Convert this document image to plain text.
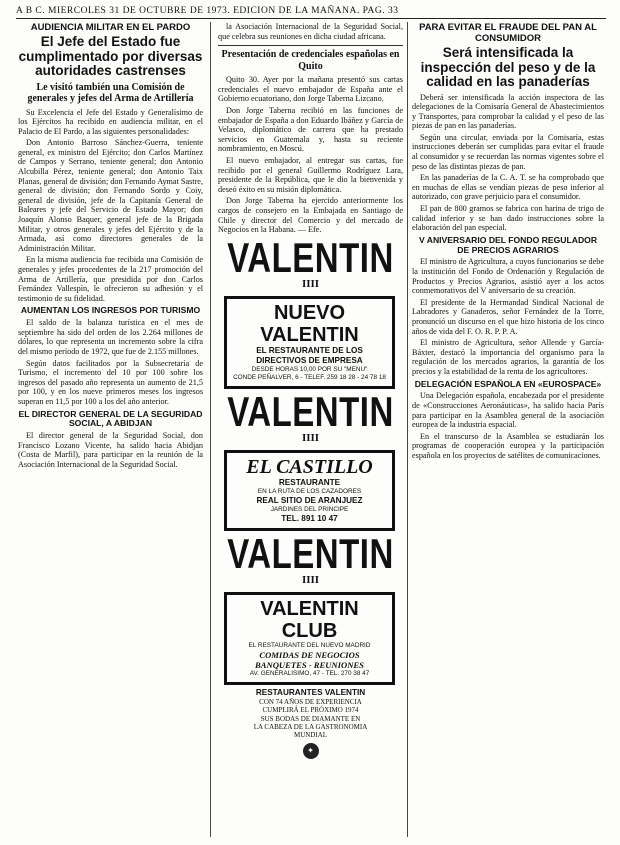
A B C. MIERCOLES 31 DE OCTUBRE DE 1973. EDICION DE LA MAÑANA. PAG. 33
AUDIENCIA MILITAR EN EL PARDO
El Jefe del Estado fue cumplimentado por diversas autoridades castrenses
Le visitó también una Comisión de generales y jefes del Arma de Artillería

Su Excelencia el Jefe del Estado y Generalísimo de los Ejércitos ha recibido en audiencia militar, en el Palacio de El Pardo, a las siguientes personalidades:

Don Antonio Barroso Sánchez-Guerra, teniente general, ex ministro del Ejército; don Carlos Martínez de Campos y Serrano, teniente general; don Antonio Alcubilla Pérez, teniente general; don Antonio Taix Planas, general de división; don Fernando Aymat Sastre, general de división; don Fernando Sordo y Coiy, general de división, jefe de la Capitanía General de Baleares y jefe del Servicio de Estado Mayor; don Joaquín Alonso Baquer, general jefe de la Brigada Militar, y otros generales y jefes del Ejército y de la Armada, así como directores generales de la Administración Militar.

En la misma audiencia fue recibida una Comisión de generales y jefes procedentes de la 217 promoción del Arma de Artillería, que presidida por don Carlos Fernández Vallespín, le ofrecieron su adhesión y el testimonio de su fidelidad.

AUMENTAN LOS INGRESOS POR TURISMO

El saldo de la balanza turística en el mes de septiembre ha sido del orden de los 2.264 millones de dólares, lo que representa un incremento sobre la cifra del mismo período de 1972, que fue de 2.155 millones.

Según datos facilitados por la Subsecretaría de Turismo, el incremento del 10 por 100 sobre los ingresos del pasado año representa un aumento de 21,5 por 100, y en los nueve primeros meses los ingresos superan en 11,5 por 100 a los del año anterior.

EL DIRECTOR GENERAL DE LA SEGURIDAD SOCIAL, A ABIDJAN

El director general de la Seguridad Social, don Francisco Lozano Vicente, ha salido hacia Abidjan (Costa de Marfil), para participar en la reunión de la Asociación Internacional de la Seguridad Social.

la Asociación Internacional de la Seguridad Social, que celebra sus reuniones en dicha ciudad africana.

Presentación de credenciales españolas en Quito

Quito 30. Ayer por la mañana presentó sus cartas credenciales el nuevo embajador de España ante el Gobierno ecuatoriano, don Jorge Taberna Lizcano.

Don Jorge Taberna recibió en las funciones de embajador de España a don Eduardo Ibáñez y García de Velasco, diplomático de carrera que ha prestado servicios en Guatemala y, hasta su reciente nombramiento, en Moscú.

El nuevo embajador, al entregar sus cartas, fue recibido por el general Guillermo Rodríguez Lara, presidente de la República, que le dio la bienvenida y deseó éxito en su misión diplomática.

Don Jorge Taberna ha ejercido anteriormente los cargos de consejero en la Embajada en Santiago de Chile y director del Comercio y del mercado de Negocios en la Habana. — Efe.

VALENTIN
IIII
NUEVO VALENTIN
EL RESTAURANTE DE LOS
DIRECTIVOS DE EMPRESA
DESDE HORAS 10,00 POR SU "MENU"
CONDE PEÑALVER, 6 - TELEF. 259 18 28 - 24 78 18
VALENTIN
IIII
EL CASTILLO
RESTAURANTE
EN LA RUTA DE LOS CAZADORES
REAL SITIO DE ARANJUEZ
JARDINES DEL PRINCIPE
TEL. 891 10 47
VALENTIN
IIII
VALENTIN CLUB
EL RESTAURANTE DEL NUEVO MADRID
COMIDAS DE NEGOCIOS
BANQUETES - REUNIONES
AV. GENERALISIMO, 47 - TEL. 270 38 47
RESTAURANTES VALENTIN
CON 74 AÑOS DE EXPERIENCIA
CUMPLIRÁ EL PRÓXIMO 1974
SUS BODAS DE DIAMANTE EN
LA CABEZA DE LA GASTRONOMIA
MUNDIAL
✦
PARA EVITAR EL FRAUDE DEL PAN AL CONSUMIDOR
Será intensificada la inspección del peso y de la calidad en las panaderías

Deberá ser intensificada la acción inspectora de las delegaciones de la Comisaría General de Abastecimientos y Transportes, para comprobar la calidad y el peso de las piezas de pan en las panaderías.

Según una circular, enviada por la Comisaría, estas instrucciones deberán ser cumplidas para evitar el fraude al consumidor y se recuerdan las normas vigentes sobre el peso de las distintas piezas de pan.

En las panaderías de la C. A. T. se ha comprobado que en muchas de ellas se vendían piezas de peso inferior al autorizado, con grave perjuicio para el consumidor.

El pan de 800 gramos se fabrica con harina de trigo de calidad inferior y se han dado instrucciones sobre la elaboración del pan especial.

V ANIVERSARIO DEL FONDO REGULADOR DE PRECIOS AGRARIOS

El ministro de Agricultura, a cuyos funcionarios se debe la institución del Fondo de Ordenación y Regulación de Productos y Precios Agrarios, asistió ayer a los actos conmemorativos del V aniversario de su creación.

El presidente de la Hermandad Sindical Nacional de Labradores y Ganaderos, señor Fernández de la Torre, pronunció un discurso en el que hizo historia de los cinco años de vida del F. O. R. P. P. A.

El ministro de Agricultura, señor Allende y García-Báxter, destacó la importancia del organismo para la regulación de los mercados agrarios, la garantía de los precios y la estabilidad de la renta de los agricultores.

DELEGACIÓN ESPAÑOLA EN «EUROSPACE»

Una Delegación española, encabezada por el presidente de «Construcciones Aeronáuticas», ha salido hacia París para participar en la Asamblea general de la asociación europea de la industria espacial.

En el transcurso de la Asamblea se estudiarán los programas de cooperación europea y la participación española en los proyectos de satélites de comunicaciones.
